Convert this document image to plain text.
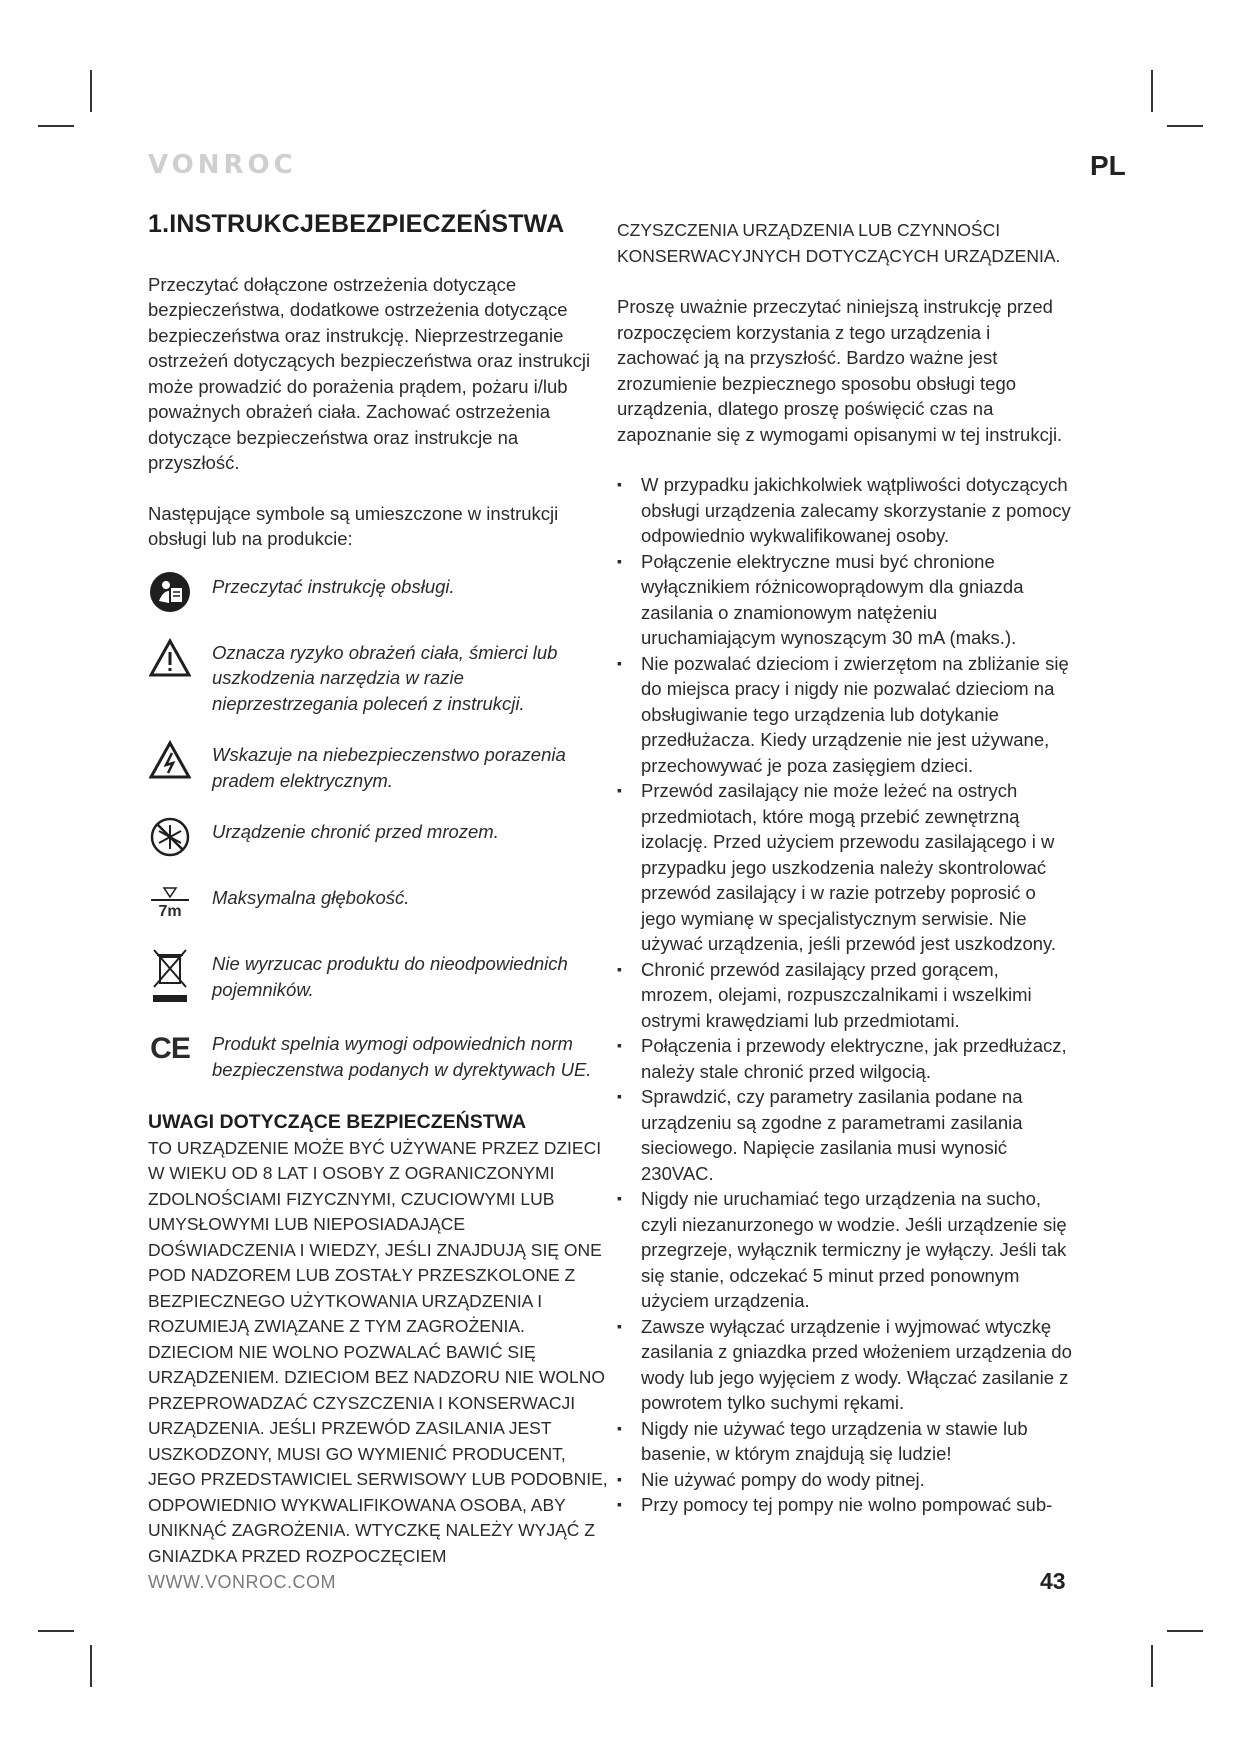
VONROC	PL
1.INSTRUKCJEBEZPIECZEŃSTWA

Przeczytać dołączone ostrzeżenia dotyczące bezpieczeństwa, dodatkowe ostrzeżenia dotyczące bezpieczeństwa oraz instrukcję. Nieprzestrzeganie ostrzeżeń dotyczących bezpieczeństwa oraz instrukcji może prowadzić do porażenia prądem, pożaru i/lub poważnych obrażeń ciała. Zachować ostrzeżenia dotyczące bezpieczeństwa oraz instrukcje na przyszłość.

Następujące symbole są umieszczone w instrukcji obsługi lub na produkcie:

Przeczytać instrukcję obsługi.
Oznacza ryzyko obrażeń ciała, śmierci lub uszkodzenia narzędzia w razie nieprzestrzegania poleceń z instrukcji.
Wskazuje na niebezpieczenstwo porazenia pradem elektrycznym.
Urządzenie chronić przed mrozem.
7m
Maksymalna głębokość.
Nie wyrzucac produktu do nieodpowiednich pojemników.
CE Produkt spelnia wymogi odpowiednich norm bezpieczenstwa podanych w dyrektywach UE.
UWAGI DOTYCZĄCE BEZPIECZEŃSTWA

TO URZĄDZENIE MOŻE BYĆ UŻYWANE PRZEZ DZIECI W WIEKU OD 8 LAT I OSOBY Z OGRANICZONYMI ZDOLNOŚCIAMI FIZYCZNYMI, CZUCIOWYMI LUB UMYSŁOWYMI LUB NIEPOSIADAJĄCE DOŚWIADCZENIA I WIEDZY, JEŚLI ZNAJDUJĄ SIĘ ONE POD NADZOREM LUB ZOSTAŁY PRZESZKOLONE Z BEZPIECZNEGO UŻYTKOWANIA URZĄDZENIA I ROZUMIEJĄ ZWIĄZANE Z TYM ZAGROŻENIA. DZIECIOM NIE WOLNO POZWALAĆ BAWIĆ SIĘ URZĄDZENIEM. DZIECIOM BEZ NADZORU NIE WOLNO PRZEPROWADZAĆ CZYSZCZENIA I KONSERWACJI URZĄDZENIA. JEŚLI PRZEWÓD ZASILANIA JEST USZKODZONY, MUSI GO WYMIENIĆ PRODUCENT, JEGO PRZEDSTAWICIEL SERWISOWY LUB PODOBNIE, ODPOWIEDNIO WYKWALIFIKOWANA OSOBA, ABY UNIKNĄĆ ZAGROŻENIA. WTYCZKĘ NALEŻY WYJĄĆ Z GNIAZDKA PRZED ROZPOCZĘCIEM

CZYSZCZENIA URZĄDZENIA LUB CZYNNOŚCI KONSERWACYJNYCH DOTYCZĄCYCH URZĄDZENIA.

Proszę uważnie przeczytać niniejszą instrukcję przed rozpoczęciem korzystania z tego urządzenia i zachować ją na przyszłość. Bardzo ważne jest zrozumienie bezpiecznego sposobu obsługi tego urządzenia, dlatego proszę poświęcić czas na zapoznanie się z wymogami opisanymi w tej instrukcji.

▪ W przypadku jakichkolwiek wątpliwości dotyczących obsługi urządzenia zalecamy skorzystanie z pomocy odpowiednio wykwalifikowanej osoby.
▪ Połączenie elektryczne musi być chronione wyłącznikiem różnicowoprądowym dla gniazda zasilania o znamionowym natężeniu uruchamiającym wynoszącym 30 mA (maks.).
▪ Nie pozwalać dzieciom i zwierzętom na zbliżanie się do miejsca pracy i nigdy nie pozwalać dzieciom na obsługiwanie tego urządzenia lub dotykanie przedłużacza. Kiedy urządzenie nie jest używane, przechowywać je poza zasięgiem dzieci.
▪ Przewód zasilający nie może leżeć na ostrych przedmiotach, które mogą przebić zewnętrzną izolację. Przed użyciem przewodu zasilającego i w przypadku jego uszkodzenia należy skontrolować przewód zasilający i w razie potrzeby poprosić o jego wymianę w specjalistycznym serwisie. Nie używać urządzenia, jeśli przewód jest uszkodzony.
▪ Chronić przewód zasilający przed gorącem, mrozem, olejami, rozpuszczalnikami i wszelkimi ostrymi krawędziami lub przedmiotami.
▪ Połączenia i przewody elektryczne, jak przedłużacz, należy stale chronić przed wilgocią.
▪ Sprawdzić, czy parametry zasilania podane na urządzeniu są zgodne z parametrami zasilania sieciowego. Napięcie zasilania musi wynosić 230VAC.
▪ Nigdy nie uruchamiać tego urządzenia na sucho, czyli niezanurzonego w wodzie. Jeśli urządzenie się przegrzeje, wyłącznik termiczny je wyłączy. Jeśli tak się stanie, odczekać 5 minut przed ponownym użyciem urządzenia.
▪ Zawsze wyłączać urządzenie i wyjmować wtyczkę zasilania z gniazdka przed włożeniem urządzenia do wody lub jego wyjęciem z wody. Włączać zasilanie z powrotem tylko suchymi rękami.
▪ Nigdy nie używać tego urządzenia w stawie lub basenie, w którym znajdują się ludzie!
▪ Nie używać pompy do wody pitnej.
▪ Przy pomocy tej pompy nie wolno pompować sub-
WWW.VONROC.COM	43
